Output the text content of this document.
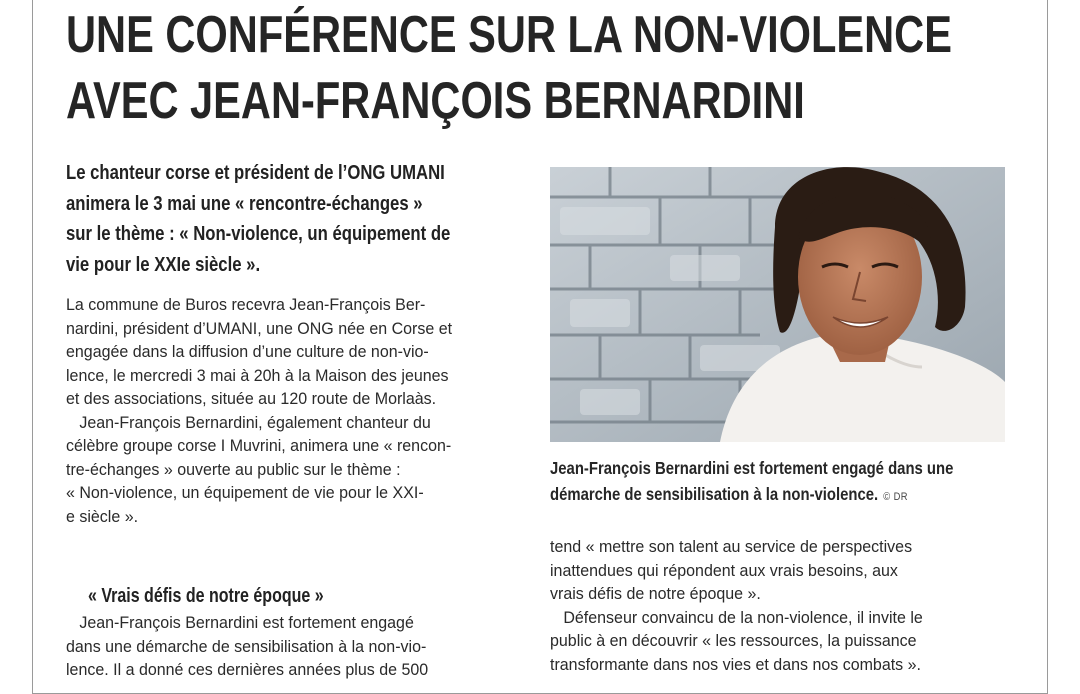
UNE CONFÉRENCE SUR LA NON-VIOLENCE
AVEC JEAN-FRANÇOIS BERNARDINI

Le chanteur corse et président de l’ONG UMANI
animera le 3 mai une « rencontre-échanges »
sur le thème : « Non-violence, un équipement de
vie pour le XXIe siècle ».

La commune de Buros recevra Jean-François Ber-
nardini, président d’UMANI, une ONG née en Corse et
engagée dans la diffusion d’une culture de non-vio-
lence, le mercredi 3 mai à 20h à la Maison des jeunes
et des associations, située au 120 route de Morlaàs.
Jean-François Bernardini, également chanteur du
célèbre groupe corse I Muvrini, animera une « rencon-
tre-échanges » ouverte au public sur le thème :
« Non-violence, un équipement de vie pour le XXI-
e siècle ».
« Vrais défis de notre époque »
Jean-François Bernardini est fortement engagé
dans une démarche de sensibilisation à la non-vio-
lence. Il a donné ces dernières années plus de 500

Jean-François Bernardini est fortement engagé dans une
démarche de sensibilisation à la non-violence. © DR

tend « mettre son talent au service de perspectives
inattendues qui répondent aux vrais besoins, aux
vrais défis de notre époque ».
Défenseur convaincu de la non-violence, il invite le
public à en découvrir « les ressources, la puissance
transformante dans nos vies et dans nos combats ».
